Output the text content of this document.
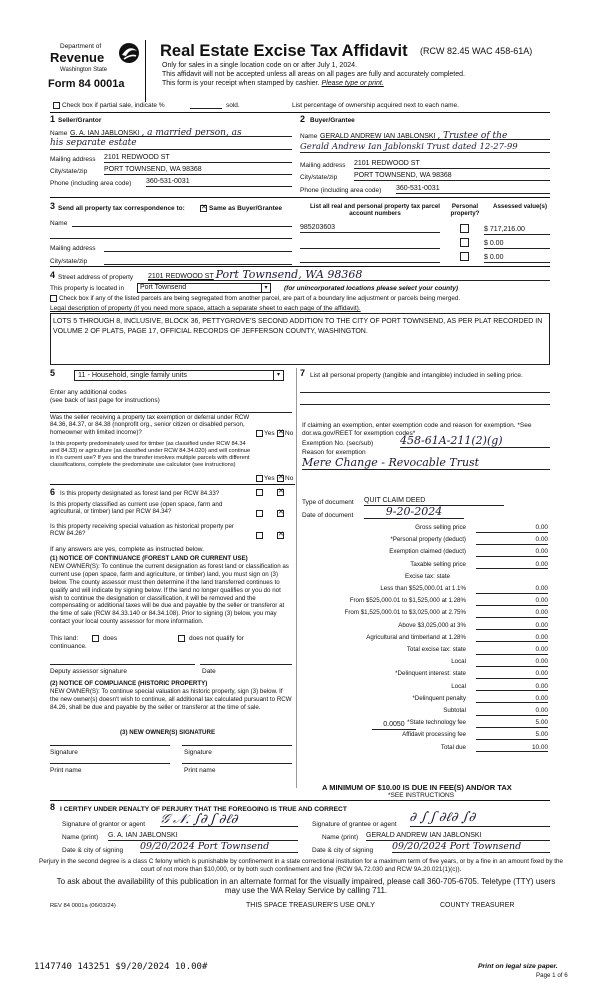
Department of
Revenue
Washington State
Form 84 0001a
Real Estate Excise Tax Affidavit (RCW 82.45 WAC 458-61A)
Only for sales in a single location code on or after July 1, 2024.
This affidavit will not be accepted unless all areas on all pages are fully and accurately completed.
This form is your receipt when stamped by cashier. Please type or print.
Check box if partial sale, indicate %	sold.	List percentage of ownership acquired next to each name.
1 Seller/Grantor
Name G. A. IAN JABLONSKI , a married person, as
his separate estate
Mailing address 2101 REDWOOD ST
City/state/zip PORT TOWNSEND, WA 98368
Phone (including area code) 360-531-0031
2 Buyer/Grantee
Name GERALD ANDREW IAN JABLONSKI , Trustee of the
Gerald Andrew Ian Jablonski Trust dated 12-27-99
Mailing address 2101 REDWOOD ST
City/state/zip PORT TOWNSEND, WA 98368
Phone (including area code) 360-531-0031
3 Send all property tax correspondence to: ✕	Same as Buyer/Grantee
Name
Mailing address
City/state/zip
List all real and personal property tax parcel account numbers
Personal property?
Assessed value(s)
985203603	$ 717,216.00
$ 0.00
$ 0.00
4 Street address of property 2101 REDWOOD ST Port Townsend, WA 98368
This property is located in	Port Townsend	▾	(for unincorporated locations please select your county)
Check box if any of the listed parcels are being segregated from another parcel, are part of a boundary line adjustment or parcels being merged.
Legal description of property (if you need more space, attach a separate sheet to each page of the affidavit).
LOTS 5 THROUGH 8, INCLUSIVE, BLOCK 36, PETTYGROVE'S SECOND ADDITION TO THE CITY OF PORT TOWNSEND, AS PER PLAT RECORDED IN VOLUME 2 OF PLATS, PAGE 17, OFFICIAL RECORDS OF JEFFERSON COUNTY, WASHINGTON.
5	11 - Household, single family units	▾
Enter any additional codes
(see back of last page for instructions)
Was the seller receiving a property tax exemption or deferral under RCW 84.36, 84.37, or 84.38 (nonprofit org., senior citizen or disabled person, homeowner with limited income)?	Yes ✕ No
Is this property predominately used for timber (as classified under RCW 84.34 and 84.33) or agriculture (as classified under RCW 84.34.020) and will continue in it's current use? If yes and the transfer involves multiple parcels with different classifications, complete the predominate use calculator (see instructions)
Yes ✕ No
6 Is this property designated as forest land per RCW 84.33?
✕
Is this property classified as current use (open space, farm and agricultural, or timber) land per RCW 84.34?
✕
Is this property receiving special valuation as historical property per RCW 84.26?
✕
If any answers are yes, complete as instructed below.
(1) NOTICE OF CONTINUANCE (FOREST LAND OR CURRENT USE)
NEW OWNER(S): To continue the current designation as forest land or classification as current use (open space, farm and agriculture, or timber) land, you must sign on (3) below. The county assessor must then determine if the land transferred continues to qualify and will indicate by signing below. If the land no longer qualifies or you do not wish to continue the designation or classification, it will be removed and the compensating or additional taxes will be due and payable by the seller or transferor at the time of sale (RCW 84.33.140 or 84.34.108). Prior to signing (3) below, you may contact your local county assessor for more information.
This land:	does	does not qualify for
continuance.
Deputy assessor signature	Date
(2) NOTICE OF COMPLIANCE (HISTORIC PROPERTY)
NEW OWNER(S): To continue special valuation as historic property, sign (3) below. If the new owner(s) doesn't wish to continue, all additional tax calculated pursuant to RCW 84.26, shall be due and payable by the seller or transferor at the time of sale.
(3) NEW OWNER(S) SIGNATURE
Signature	Signature
Print name	Print name
7 List all personal property (tangible and intangible) included in selling price.
If claiming an exemption, enter exemption code and reason for exemption. *See dor.wa.gov/REET for exemption codes*
Exemption No. (sec/sub) 458-61A-211(2)(g)
Reason for exemption
Mere Change - Revocable Trust
Type of document QUIT CLAIM DEED
Date of document	9-20-2024
Gross selling price	0.00
*Personal property (deduct)	0.00
Exemption claimed (deduct)	0.00
Taxable selling price	0.00
Excise tax: state
Less than $525,000.01 at 1.1%	0.00
From $525,000.01 to $1,525,000 at 1.28%	0.00
From $1,525,000.01 to $3,025,000 at 2.75%	0.00
Above $3,025,000 at 3%	0.00
Agricultural and timberland at 1.28%	0.00
Total excise tax: state	0.00
Local	0.00
*Delinquent interest: state	0.00
Local	0.00
*Delinquent penalty	0.00
Subtotal	0.00
*State technology fee	5.00
Affidavit processing fee	5.00
Total due	10.00
0.0050
A MINIMUM OF $10.00 IS DUE IN FEE(S) AND/OR TAX
*SEE INSTRUCTIONS
8 I CERTIFY UNDER PENALTY OF PERJURY THAT THE FOREGOING IS TRUE AND CORRECT
Signature of grantor or agent 𝒢 𝒩. ∫∂ ʃ ∂ℓ∂	Signature of grantee or agent ∂ ∫ ʃ ∂ℓ∂ ∫∂
Name (print) G. A. IAN JABLONSKI	Name (print) GERALD ANDREW IAN JABLONSKI
Date & city of signing 09/20/2024 Port Townsend	Date & city of signing 09/20/2024 Port Townsend
Perjury in the second degree is a class C felony which is punishable by confinement in a state correctional institution for a maximum term of five years, or by a fine in an amount fixed by the court of not more than $10,000, or by both such confinement and fine (RCW 9A.72.030 and RCW 9A.20.021(1)(c)).
To ask about the availability of this publication in an alternate format for the visually impaired, please call 360-705-6705. Teletype (TTY) users may use the WA Relay Service by calling 711.
REV 84 0001a (06/03/24)	THIS SPACE TREASURER'S USE ONLY	COUNTY TREASURER
1147740 143251 $9/20/2024 10.00#	Print on legal size paper.
Page 1 of 6
